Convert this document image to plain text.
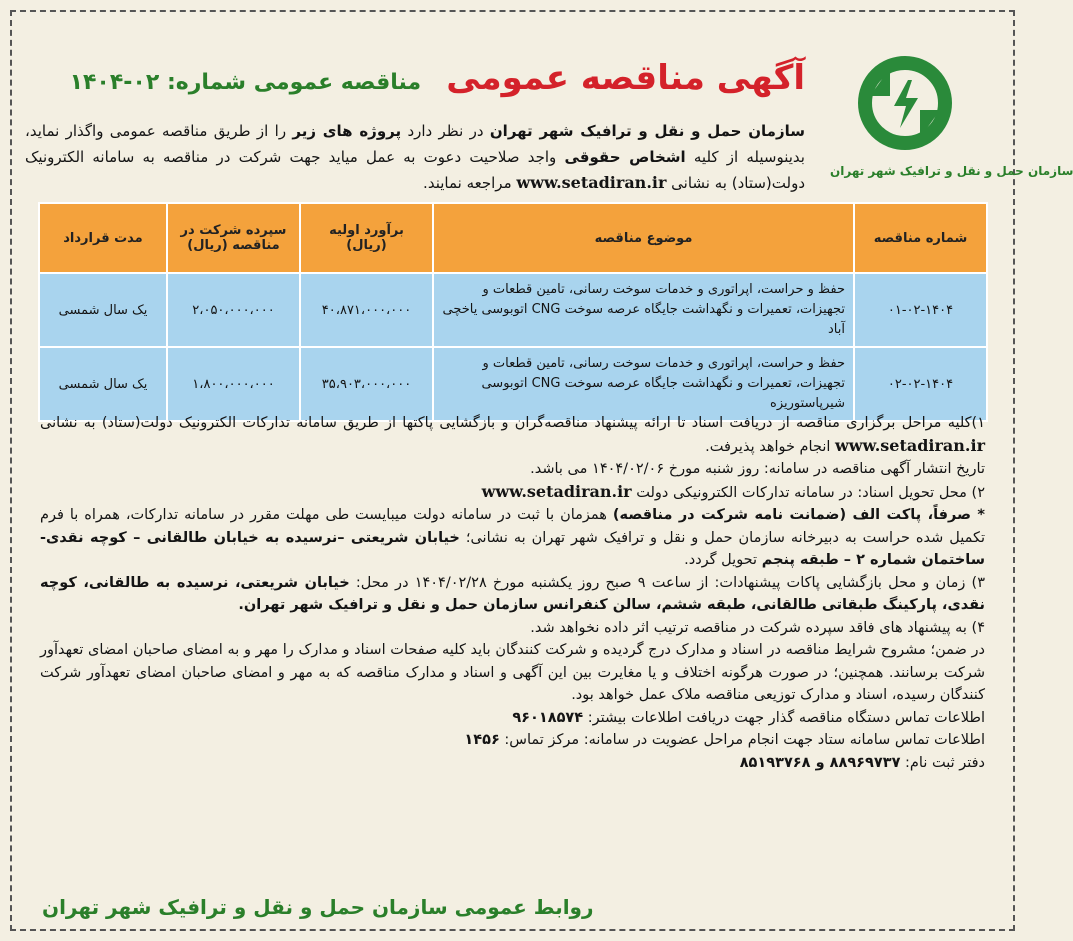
سازمان حمل و نقل و ترافیک شهر تهران
آگهی مناقصه عمومی مناقصه عمومی شماره: ۰۲-۱۴۰۴
سازمان حمل و نقل و ترافیک شهر تهران در نظر دارد پروژه های زیر را از طریق مناقصه عمومی واگذار نماید، بدینوسیله از کلیه اشخاص حقوقی واجد صلاحیت دعوت به عمل میاید جهت شرکت در مناقصه به سامانه الکترونیک دولت(ستاد) به نشانی www.setadiran.ir مراجعه نمایند.
شماره مناقصه	موضوع مناقصه	برآورد اولیه (ریال)	سپرده شرکت در مناقصه (ریال)	مدت قرارداد
۰۱-۰۲-۱۴۰۴	حفظ و حراست، اپراتوری و خدمات سوخت رسانی، تامین قطعات و تجهیزات، تعمیرات و نگهداشت جایگاه عرصه سوخت CNG اتوبوسی یاخچی آباد	۴۰،۸۷۱،۰۰۰،۰۰۰	۲،۰۵۰،۰۰۰،۰۰۰	یک سال شمسی
۰۲-۰۲-۱۴۰۴	حفظ و حراست، اپراتوری و خدمات سوخت رسانی، تامین قطعات و تجهیزات، تعمیرات و نگهداشت جایگاه عرصه سوخت CNG اتوبوسی شیرپاستوریزه	۳۵،۹۰۳،۰۰۰،۰۰۰	۱،۸۰۰،۰۰۰،۰۰۰	یک سال شمسی

۱)کلیه مراحل برگزاری مناقصه از دریافت اسناد تا ارائه پیشنهاد مناقصه‌گران و بازگشایی پاکتها از طریق سامانه تدارکات الکترونیک دولت(ستاد) به نشانی www.setadiran.ir انجام خواهد پذیرفت.

تاریخ انتشار آگهی مناقصه در سامانه: روز شنبه مورخ ۱۴۰۴/۰۲/۰۶ می باشد.

۲) محل تحویل اسناد: در سامانه تدارکات الکترونیکی دولت www.setadiran.ir

* صرفاً، پاکت الف (ضمانت نامه شرکت در مناقصه) همزمان با ثبت در سامانه دولت میبایست طی مهلت مقرر در سامانه تدارکات، همراه با فرم تکمیل شده حراست به دبیرخانه سازمان حمل و نقل و ترافیک شهر تهران به نشانی؛ خیابان شریعتی –نرسیده به خیابان طالقانی – کوچه نقدی- ساختمان شماره ۲ – طبقه پنجم تحویل گردد.

۳) زمان و محل بازگشایی پاکات پیشنهادات: از ساعت ۹ صبح روز یکشنبه مورخ ۱۴۰۴/۰۲/۲۸ در محل: خیابان شریعتی، نرسیده به طالقانی، کوچه نقدی، پارکینگ طبقاتی طالقانی، طبقه ششم، سالن کنفرانس سازمان حمل و نقل و ترافیک شهر تهران.

۴) به پیشنهاد های فاقد سپرده شرکت در مناقصه ترتیب اثر داده نخواهد شد.

در ضمن؛ مشروح شرایط مناقصه در اسناد و مدارک درج گردیده و شرکت کنندگان باید کلیه صفحات اسناد و مدارک را مهر و به امضای صاحبان امضای تعهدآور شرکت برسانند. همچنین؛ در صورت هرگونه اختلاف و یا مغایرت بین این آگهی و اسناد و مدارک مناقصه که به مهر و امضای صاحبان امضای تعهدآور شرکت کنندگان رسیده، اسناد و مدارک توزیعی مناقصه ملاک عمل خواهد بود.

اطلاعات تماس دستگاه مناقصه گذار جهت دریافت اطلاعات بیشتر: ۹۶۰۱۸۵۷۴

اطلاعات تماس سامانه ستاد جهت انجام مراحل عضویت در سامانه: مرکز تماس: ۱۴۵۶

دفتر ثبت نام: ۸۸۹۶۹۷۳۷ و ۸۵۱۹۳۷۶۸

روابط عمومی سازمان حمل و نقل و ترافیک شهر تهران
